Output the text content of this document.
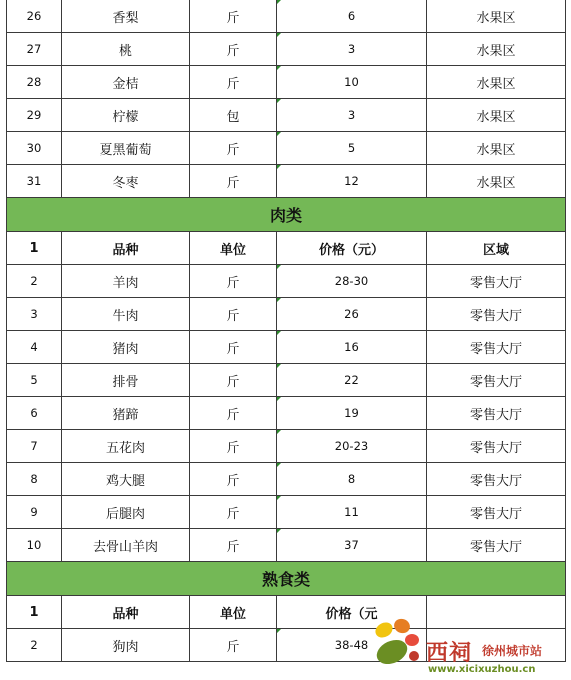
26	香梨	斤	6	水果区
27	桃	斤	3	水果区
28	金桔	斤	10	水果区
29	柠檬	包	3	水果区
30	夏黑葡萄	斤	5	水果区
31	冬枣	斤	12	水果区
肉类
1	品种	单位	价格（元）	区域
2	羊肉	斤	28-30	零售大厅
3	牛肉	斤	26	零售大厅
4	猪肉	斤	16	零售大厅
5	排骨	斤	22	零售大厅
6	猪蹄	斤	19	零售大厅
7	五花肉	斤	20-23	零售大厅
8	鸡大腿	斤	8	零售大厅
9	后腿肉	斤	11	零售大厅
10	去骨山羊肉	斤	37	零售大厅
熟食类
1	品种	单位	价格（元
2	狗肉	斤	38-48	西祠 徐州城市站
www.xicixuzhou.cn
